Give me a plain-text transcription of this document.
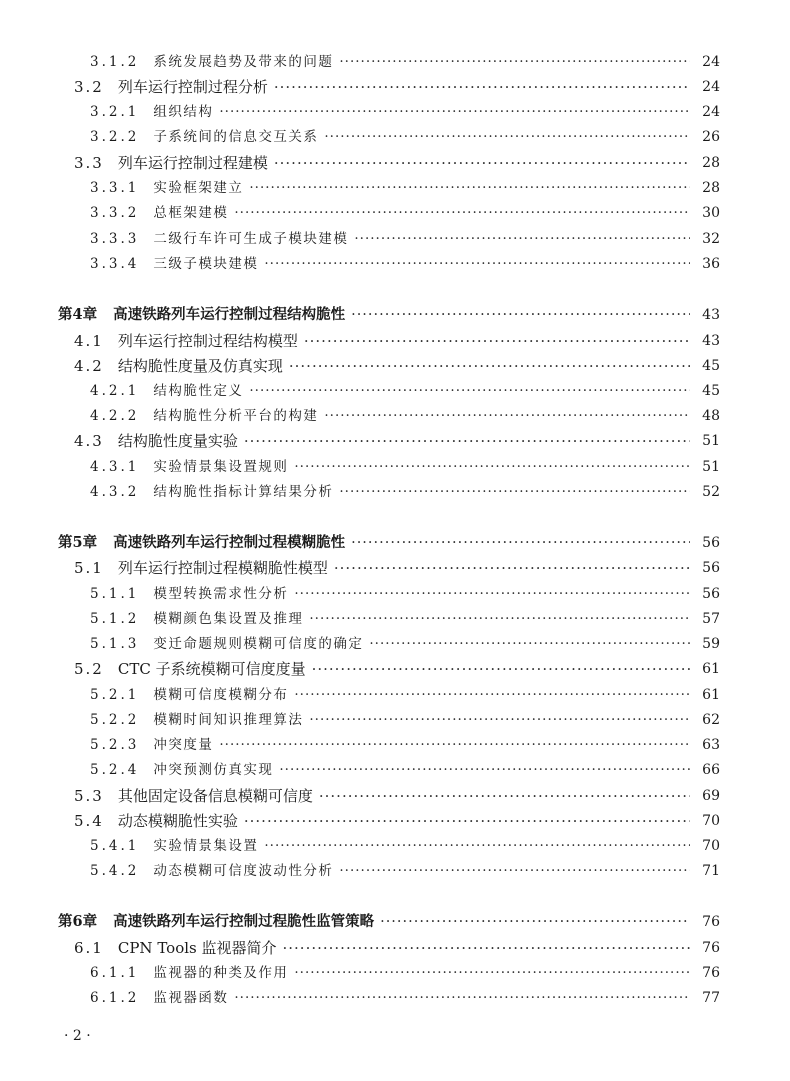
3.1.2 系统发展趋势及带来的问题 ·····	24
3.2 列车运行控制过程分析 ·····	24
3.2.1 组织结构 ·····	24
3.2.2 子系统间的信息交互关系 ·····	26
3.3 列车运行控制过程建模 ·····	28
3.3.1 实验框架建立 ·····	28
3.3.2 总框架建模 ·····	30
3.3.3 二级行车许可生成子模块建模 ·····	32
3.3.4 三级子模块建模 ·····	36
第4章 高速铁路列车运行控制过程结构脆性 ·····	43
4.1 列车运行控制过程结构模型 ·····	43
4.2 结构脆性度量及仿真实现 ·····	45
4.2.1 结构脆性定义 ·····	45
4.2.2 结构脆性分析平台的构建 ·····	48
4.3 结构脆性度量实验 ·····	51
4.3.1 实验情景集设置规则 ·····	51
4.3.2 结构脆性指标计算结果分析 ·····	52
第5章 高速铁路列车运行控制过程模糊脆性 ·····	56
5.1 列车运行控制过程模糊脆性模型 ·····	56
5.1.1 模型转换需求性分析 ·····	56
5.1.2 模糊颜色集设置及推理 ·····	57
5.1.3 变迁命题规则模糊可信度的确定 ·····	59
5.2 CTC 子系统模糊可信度度量 ·····	61
5.2.1 模糊可信度模糊分布 ·····	61
5.2.2 模糊时间知识推理算法 ·····	62
5.2.3 冲突度量 ·····	63
5.2.4 冲突预测仿真实现 ·····	66
5.3 其他固定设备信息模糊可信度 ·····	69
5.4 动态模糊脆性实验 ·····	70
5.4.1 实验情景集设置 ·····	70
5.4.2 动态模糊可信度波动性分析 ·····	71
第6章 高速铁路列车运行控制过程脆性监管策略 ·····	76
6.1 CPN Tools 监视器简介 ·····	76
6.1.1 监视器的种类及作用 ·····	76
6.1.2 监视器函数 ·····	77
· 2 ·
